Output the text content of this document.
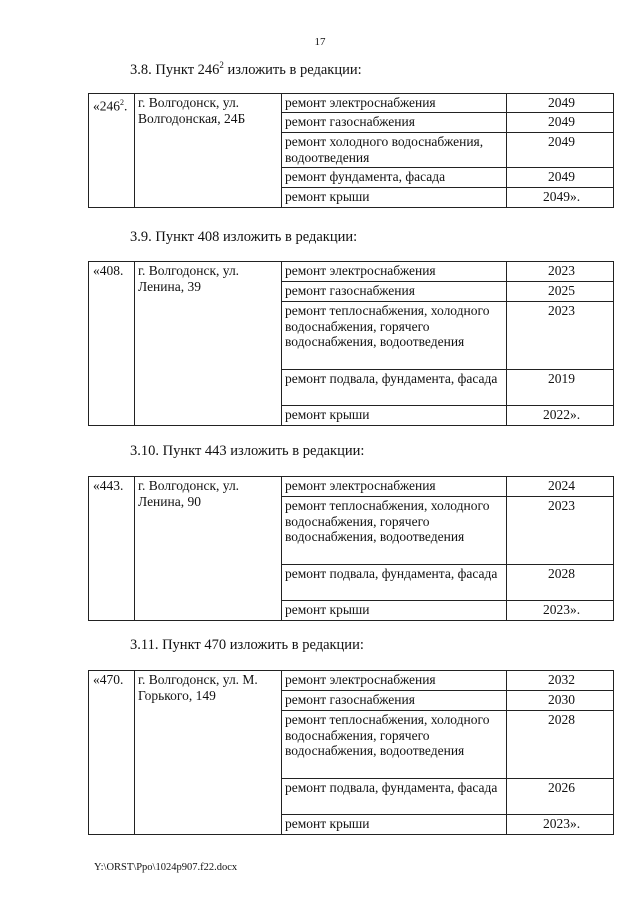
17
3.8. Пункт $246^2$ изложить в редакции:
«$246^2$.	г. Волгодонск, ул. Волгодонская, 24Б	ремонт электроснабжения	2049
		ремонт газоснабжения	2049
		ремонт холодного водоснабжения, водоотведения	2049
		ремонт фундамента, фасада	2049
		ремонт крыши	2049».
3.9. Пункт 408 изложить в редакции:
«408.	г. Волгодонск, ул. Ленина, 39	ремонт электроснабжения	2023
		ремонт газоснабжения	2025
		ремонт теплоснабжения, холодного водоснабжения, горячего водоснабжения, водоотведения	2023
		ремонт подвала, фундамента, фасада	2019
		ремонт крыши	2022».
3.10. Пункт 443 изложить в редакции:
«443.	г. Волгодонск, ул. Ленина, 90	ремонт электроснабжения	2024
		ремонт теплоснабжения, холодного водоснабжения, горячего водоснабжения, водоотведения	2023
		ремонт подвала, фундамента, фасада	2028
		ремонт крыши	2023».
3.11. Пункт 470 изложить в редакции:
«470.	г. Волгодонск, ул. М. Горького, 149	ремонт электроснабжения	2032
		ремонт газоснабжения	2030
		ремонт теплоснабжения, холодного водоснабжения, горячего водоснабжения, водоотведения	2028
		ремонт подвала, фундамента, фасада	2026
		ремонт крыши	2023».
Y:\ORST\Ppo\1024p907.f22.docx
